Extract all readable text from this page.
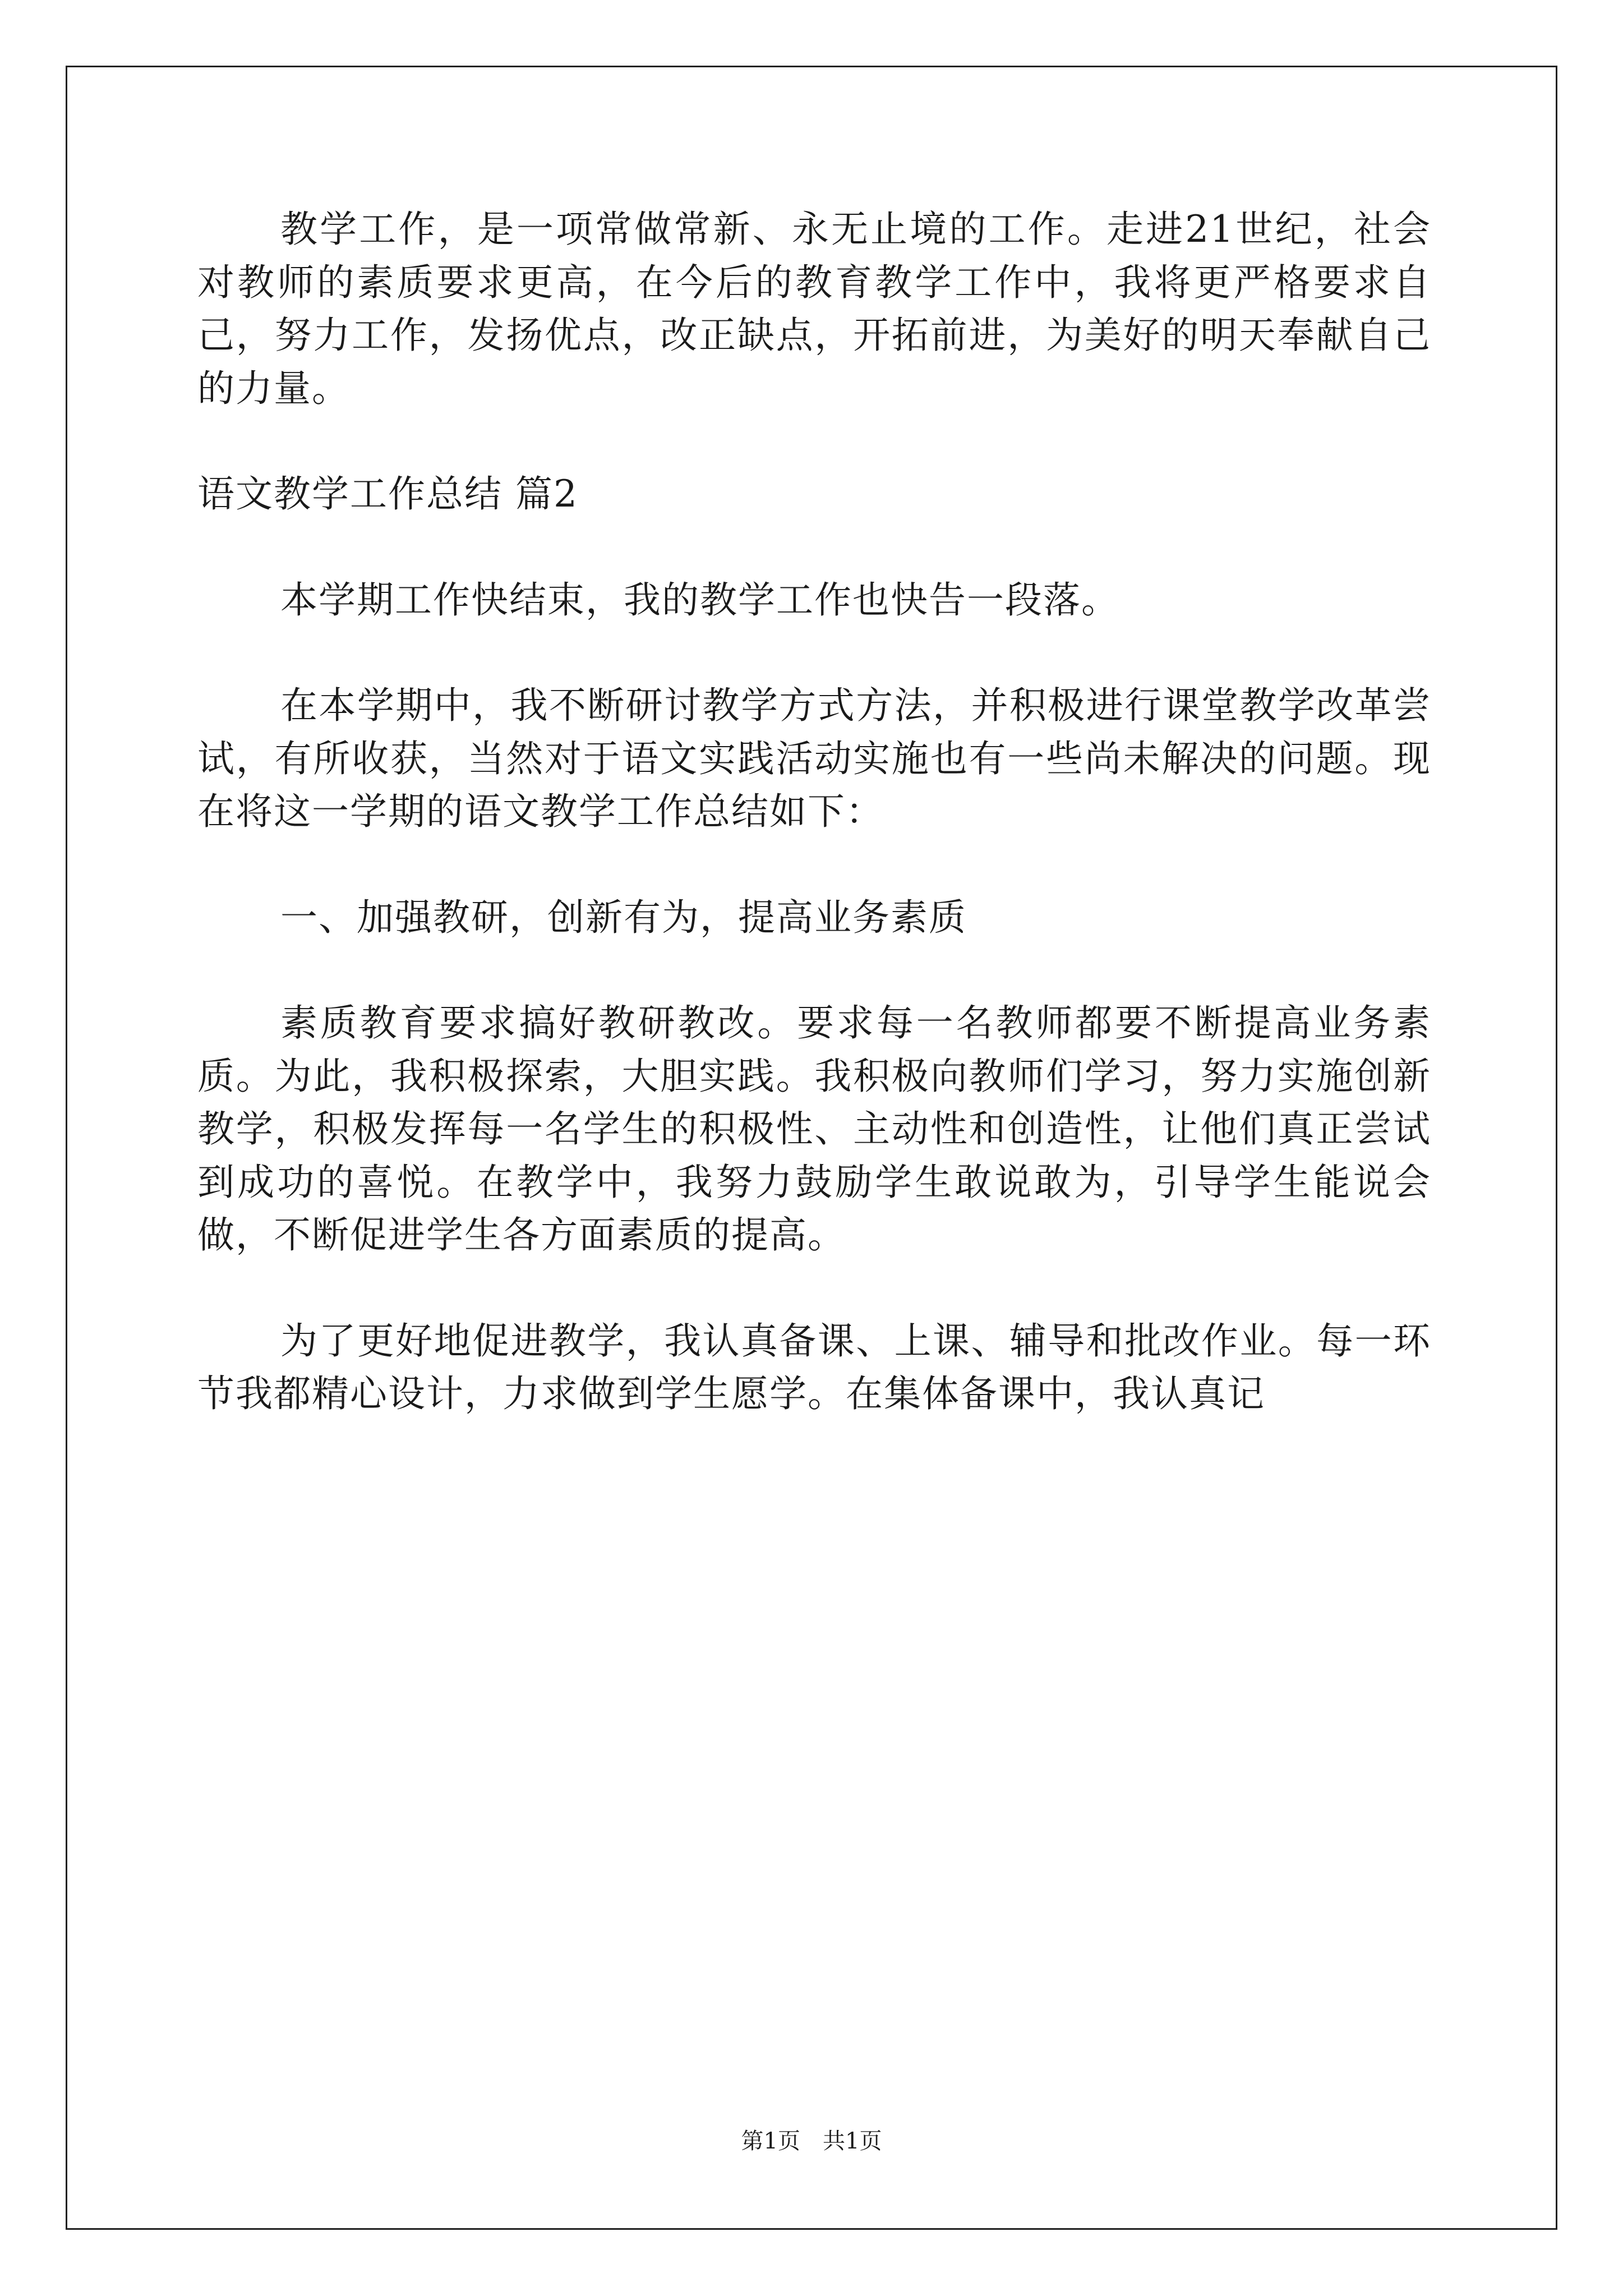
教学工作，是一项常做常新、永无止境的工作。走进21世纪，社会对教师的素质要求更高，在今后的教育教学工作中，我将更严格要求自己，努力工作，发扬优点，改正缺点，开拓前进，为美好的明天奉献自己的力量。

语文教学工作总结 篇2

本学期工作快结束，我的教学工作也快告一段落。

在本学期中，我不断研讨教学方式方法，并积极进行课堂教学改革尝试，有所收获，当然对于语文实践活动实施也有一些尚未解决的问题。现在将这一学期的语文教学工作总结如下：

一、加强教研，创新有为，提高业务素质

素质教育要求搞好教研教改。要求每一名教师都要不断提高业务素质。为此，我积极探索，大胆实践。我积极向教师们学习，努力实施创新教学，积极发挥每一名学生的积极性、主动性和创造性，让他们真正尝试到成功的喜悦。在教学中，我努力鼓励学生敢说敢为，引导学生能说会做，不断促进学生各方面素质的提高。

为了更好地促进教学，我认真备课、上课、辅导和批改作业。每一环节我都精心设计，力求做到学生愿学。在集体备课中，我认真记

第1页 共1页
